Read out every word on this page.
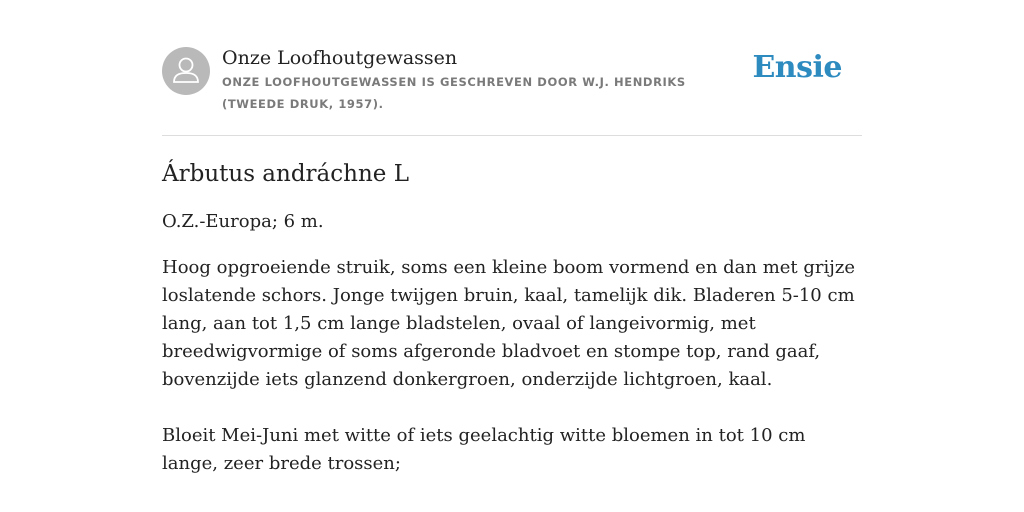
Onze Loofhoutgewassen
ONZE LOOFHOUTGEWASSEN IS GESCHREVEN DOOR W.J. HENDRIKS (TWEEDE DRUK, 1957).
Ensie
Árbutus andráchne L
O.Z.-Europa; 6 m.

Hoog opgroeiende struik, soms een kleine boom vormend en dan met grijze loslatende schors. Jonge twijgen bruin, kaal, tamelijk dik. Bladeren 5-10 cm lang, aan tot 1,5 cm lange bladstelen, ovaal of langeivormig, met breedwigvormige of soms afgeronde bladvoet en stompe top, rand gaaf, bovenzijde iets glanzend donkergroen, onderzijde lichtgroen, kaal.

Bloeit Mei-Juni met witte of iets geelachtig witte bloemen in tot 10 cm lange, zeer brede trossen;
